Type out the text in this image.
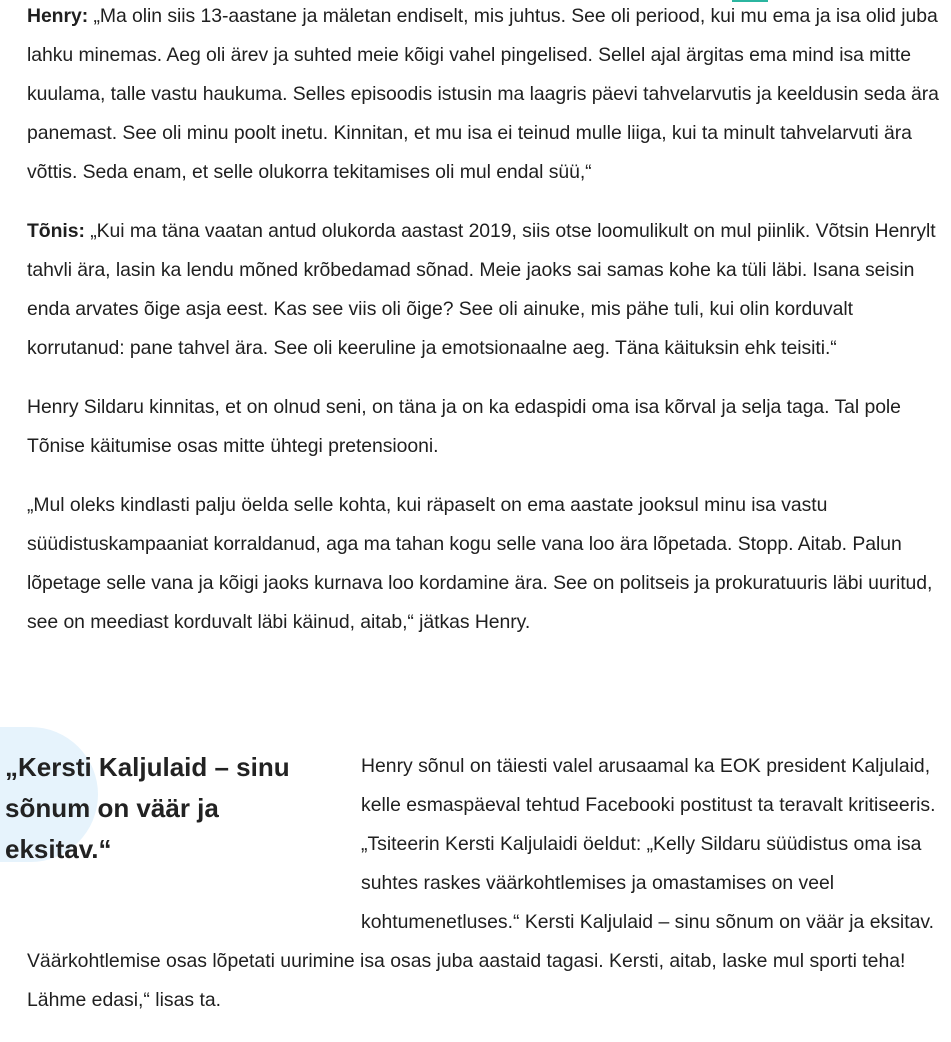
Henry: „Ma olin siis 13-aastane ja mäletan endiselt, mis juhtus. See oli periood, kui mu ema ja isa olid juba lahku minemas. Aeg oli ärev ja suhted meie kõigi vahel pingelised. Sellel ajal ärgitas ema mind isa mitte kuulama, talle vastu haukuma. Selles episoodis istusin ma laagris päevi tahvelarvutis ja keeldusin seda ära panemast. See oli minu poolt inetu. Kinnitan, et mu isa ei teinud mulle liiga, kui ta minult tahvelarvuti ära võttis. Seda enam, et selle olukorra tekitamises oli mul endal süü,“

Tõnis: „Kui ma täna vaatan antud olukorda aastast 2019, siis otse loomulikult on mul piinlik. Võtsin Henrylt tahvli ära, lasin ka lendu mõned krõbedamad sõnad. Meie jaoks sai samas kohe ka tüli läbi. Isana seisin enda arvates õige asja eest. Kas see viis oli õige? See oli ainuke, mis pähe tuli, kui olin korduvalt korrutanud: pane tahvel ära. See oli keeruline ja emotsionaalne aeg. Täna käituksin ehk teisiti.“

Henry Sildaru kinnitas, et on olnud seni, on täna ja on ka edaspidi oma isa kõrval ja selja taga. Tal pole Tõnise käitumise osas mitte ühtegi pretensiooni.

„Mul oleks kindlasti palju öelda selle kohta, kui räpaselt on ema aastate jooksul minu isa vastu süüdistuskampaaniat korraldanud, aga ma tahan kogu selle vana loo ära lõpetada. Stopp. Aitab. Palun lõpetage selle vana ja kõigi jaoks kurnava loo kordamine ära. See on politseis ja prokuratuuris läbi uuritud, see on meediast korduvalt läbi käinud, aitab,“ jätkas Henry.

Henry sõnul on täiesti valel arusaamal ka EOK president Kaljulaid, kelle esmaspäeval tehtud Facebooki postitust ta teravalt kritiseeris. „Tsiteerin Kersti Kaljulaidi öeldut: „Kelly Sildaru süüdistus oma isa suhtes raskes väärkohtlemises ja omastamises on veel kohtumenetluses.“ Kersti Kaljulaid – sinu sõnum on väär ja eksitav. Väärkohtlemise osas lõpetati uurimine isa osas juba aastaid tagasi. Kersti, aitab, laske mul sporti teha! Lähme edasi,“ lisas ta.

„Kersti Kaljulaid – sinu sõnum on väär ja eksitav.“
